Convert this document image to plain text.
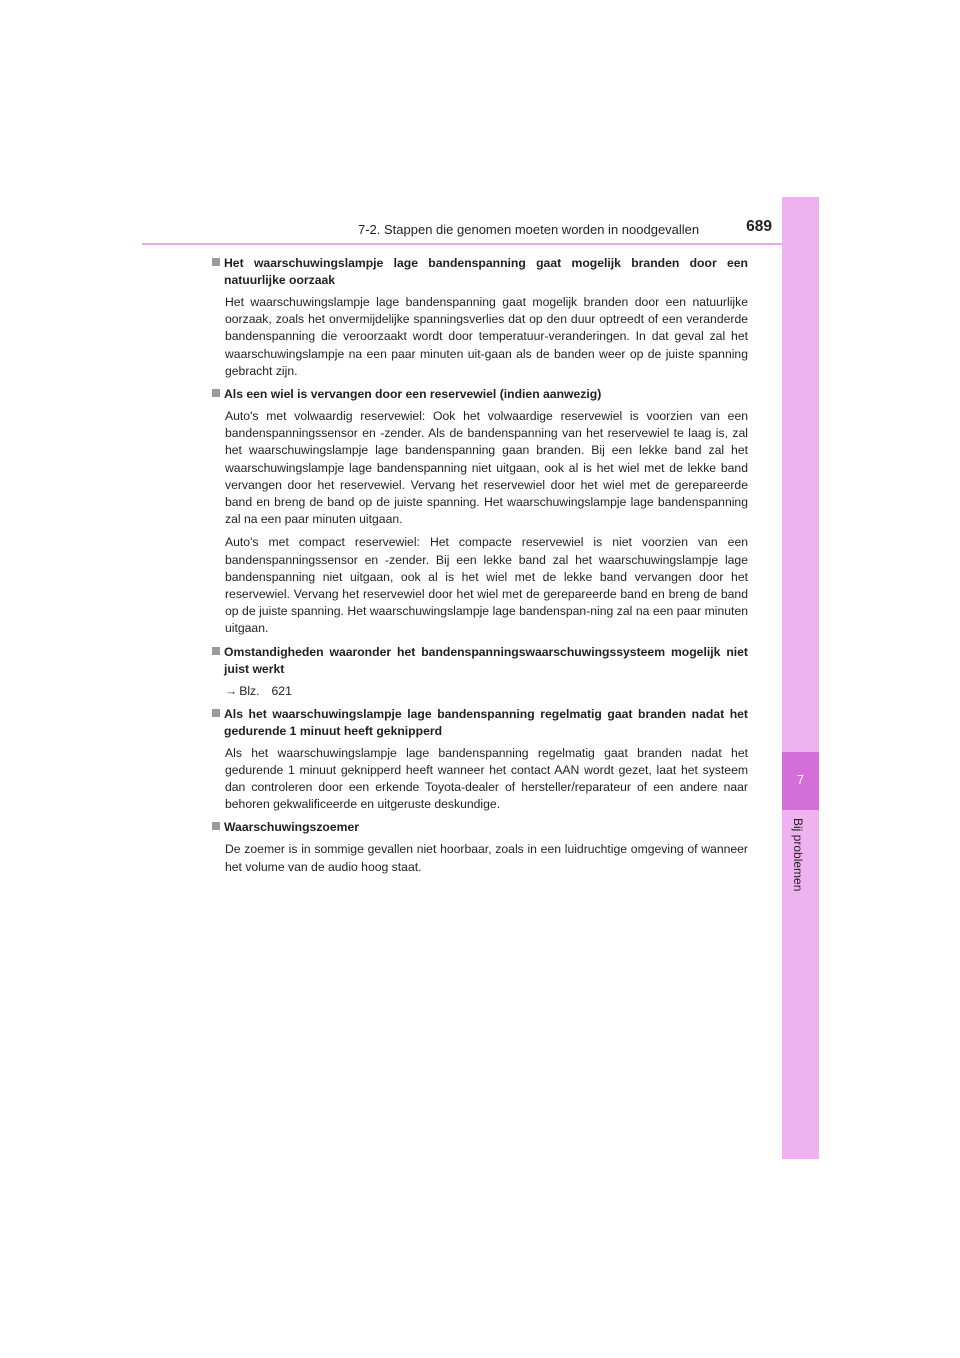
7-2. Stappen die genomen moeten worden in noodgevallen	689
7
Bij problemen
Het waarschuwingslampje lage bandenspanning gaat mogelijk branden door een natuurlijke oorzaak

Het waarschuwingslampje lage bandenspanning gaat mogelijk branden door een natuurlijke oorzaak, zoals het onvermijdelijke spanningsverlies dat op den duur optreedt of een veranderde bandenspanning die veroorzaakt wordt door temperatuur-veranderingen. In dat geval zal het waarschuwingslampje na een paar minuten uit-gaan als de banden weer op de juiste spanning gebracht zijn.

Als een wiel is vervangen door een reservewiel (indien aanwezig)

Auto's met volwaardig reservewiel: Ook het volwaardige reservewiel is voorzien van een bandenspanningssensor en -zender. Als de bandenspanning van het reservewiel te laag is, zal het waarschuwingslampje lage bandenspanning gaan branden. Bij een lekke band zal het waarschuwingslampje lage bandenspanning niet uitgaan, ook al is het wiel met de lekke band vervangen door het reservewiel. Vervang het reservewiel door het wiel met de gerepareerde band en breng de band op de juiste spanning. Het waarschuwingslampje lage bandenspanning zal na een paar minuten uitgaan.

Auto's met compact reservewiel: Het compacte reservewiel is niet voorzien van een bandenspanningssensor en -zender. Bij een lekke band zal het waarschuwingslampje lage bandenspanning niet uitgaan, ook al is het wiel met de lekke band vervangen door het reservewiel. Vervang het reservewiel door het wiel met de gerepareerde band en breng de band op de juiste spanning. Het waarschuwingslampje lage bandenspan-ning zal na een paar minuten uitgaan.

Omstandigheden waaronder het bandenspanningswaarschuwingssysteem mogelijk niet juist werkt
→ Blz. 621
Als het waarschuwingslampje lage bandenspanning regelmatig gaat branden nadat het gedurende 1 minuut heeft geknipperd

Als het waarschuwingslampje lage bandenspanning regelmatig gaat branden nadat het gedurende 1 minuut geknipperd heeft wanneer het contact AAN wordt gezet, laat het systeem dan controleren door een erkende Toyota-dealer of hersteller/reparateur of een andere naar behoren gekwalificeerde en uitgeruste deskundige.

Waarschuwingszoemer

De zoemer is in sommige gevallen niet hoorbaar, zoals in een luidruchtige omgeving of wanneer het volume van de audio hoog staat.
